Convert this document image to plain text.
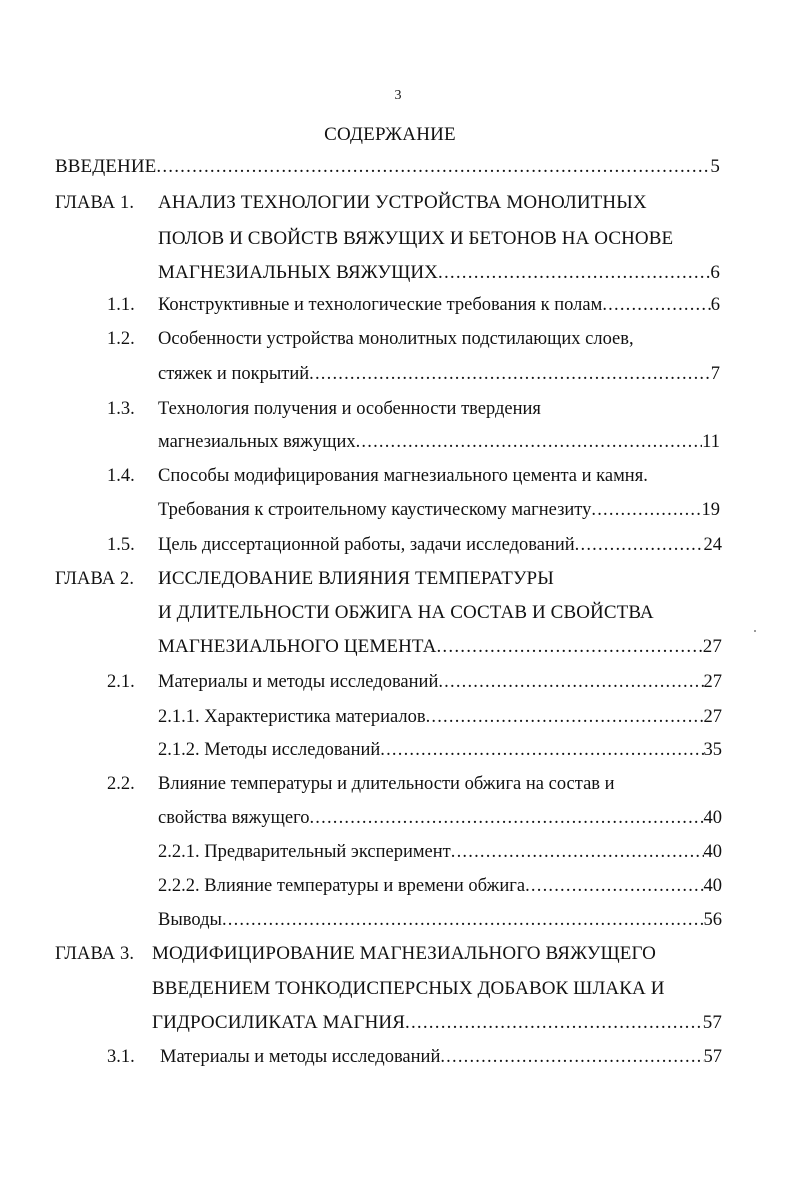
3
СОДЕРЖАНИЕ
ВВЕДЕНИЕ .....	5
ГЛАВА 1. АНАЛИЗ ТЕХНОЛОГИИ УСТРОЙСТВА МОНОЛИТНЫХ
ПОЛОВ И СВОЙСТВ ВЯЖУЩИХ И БЕТОНОВ НА ОСНОВЕ
МАГНЕЗИАЛЬНЫХ ВЯЖУЩИХ .....	6
1.1. Конструктивные и технологические требования к полам .....	6
1.2. Особенности устройства монолитных подстилающих слоев,
стяжек и покрытий .....	7
1.3. Технология получения и особенности твердения
магнезиальных вяжущих .....	11
1.4. Способы модифицирования магнезиального цемента и камня.
Требования к строительному каустическому магнезиту .....	19
1.5. Цель диссертационной работы, задачи исследований .....	24
ГЛАВА 2. ИССЛЕДОВАНИЕ ВЛИЯНИЯ ТЕМПЕРАТУРЫ
И ДЛИТЕЛЬНОСТИ ОБЖИГА НА СОСТАВ И СВОЙСТВА
МАГНЕЗИАЛЬНОГО ЦЕМЕНТА .....	27
2.1. Материалы и методы исследований .....	27
2.1.1. Характеристика материалов .....	27
2.1.2. Методы исследований .....	35
2.2. Влияние температуры и длительности обжига на состав и
свойства вяжущего .....	40
2.2.1. Предварительный эксперимент .....	40
2.2.2. Влияние температуры и времени обжига .....	40
Выводы .....	56
ГЛАВА 3. МОДИФИЦИРОВАНИЕ МАГНЕЗИАЛЬНОГО ВЯЖУЩЕГО
ВВЕДЕНИЕМ ТОНКОДИСПЕРСНЫХ ДОБАВОК ШЛАКА И
ГИДРОСИЛИКАТА МАГНИЯ .....	57
3.1. Материалы и методы исследований .....	57
